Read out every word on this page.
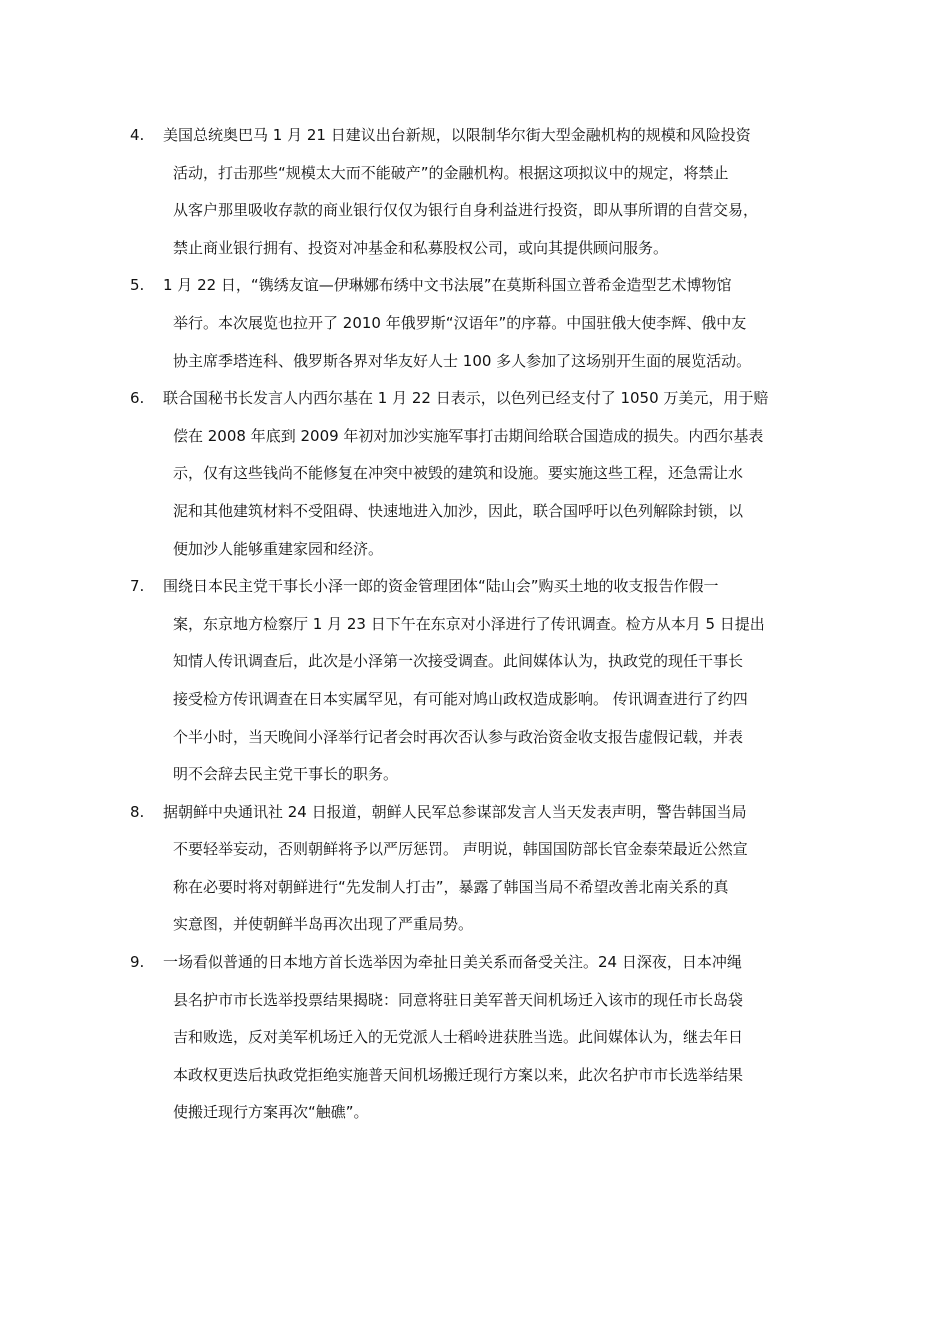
4.	美国总统奥巴马 1 月 21 日建议出台新规，以限制华尔街大型金融机构的规模和风险投资
活动，打击那些“规模太大而不能破产”的金融机构。根据这项拟议中的规定，将禁止
从客户那里吸收存款的商业银行仅仅为银行自身利益进行投资，即从事所谓的自营交易，
禁止商业银行拥有、投资对冲基金和私募股权公司，或向其提供顾问服务。
5.	1 月 22 日，“镌绣友谊—伊琳娜布绣中文书法展”在莫斯科国立普希金造型艺术博物馆
举行。本次展览也拉开了 2010 年俄罗斯“汉语年”的序幕。中国驻俄大使李辉、俄中友
协主席季塔连科、俄罗斯各界对华友好人士 100 多人参加了这场别开生面的展览活动。
6.	联合国秘书长发言人内西尔基在 1 月 22 日表示，以色列已经支付了 1050 万美元，用于赔
偿在 2008 年底到 2009 年初对加沙实施军事打击期间给联合国造成的损失。内西尔基表
示，仅有这些钱尚不能修复在冲突中被毁的建筑和设施。要实施这些工程，还急需让水
泥和其他建筑材料不受阻碍、快速地进入加沙，因此，联合国呼吁以色列解除封锁，以
便加沙人能够重建家园和经济。
7.	围绕日本民主党干事长小泽一郎的资金管理团体“陆山会”购买土地的收支报告作假一
案，东京地方检察厅 1 月 23 日下午在东京对小泽进行了传讯调查。检方从本月 5 日提出
知情人传讯调查后，此次是小泽第一次接受调查。此间媒体认为，执政党的现任干事长
接受检方传讯调查在日本实属罕见，有可能对鸠山政权造成影响。 传讯调查进行了约四
个半小时，当天晚间小泽举行记者会时再次否认参与政治资金收支报告虚假记载，并表
明不会辞去民主党干事长的职务。
8.	据朝鲜中央通讯社 24 日报道，朝鲜人民军总参谋部发言人当天发表声明，警告韩国当局
不要轻举妄动，否则朝鲜将予以严厉惩罚。 声明说，韩国国防部长官金泰荣最近公然宣
称在必要时将对朝鲜进行“先发制人打击”，暴露了韩国当局不希望改善北南关系的真
实意图，并使朝鲜半岛再次出现了严重局势。
9.	一场看似普通的日本地方首长选举因为牵扯日美关系而备受关注。24 日深夜，日本冲绳
县名护市市长选举投票结果揭晓：同意将驻日美军普天间机场迁入该市的现任市长岛袋
吉和败选，反对美军机场迁入的无党派人士稻岭进获胜当选。此间媒体认为，继去年日
本政权更迭后执政党拒绝实施普天间机场搬迁现行方案以来，此次名护市市长选举结果
使搬迁现行方案再次“触礁”。
